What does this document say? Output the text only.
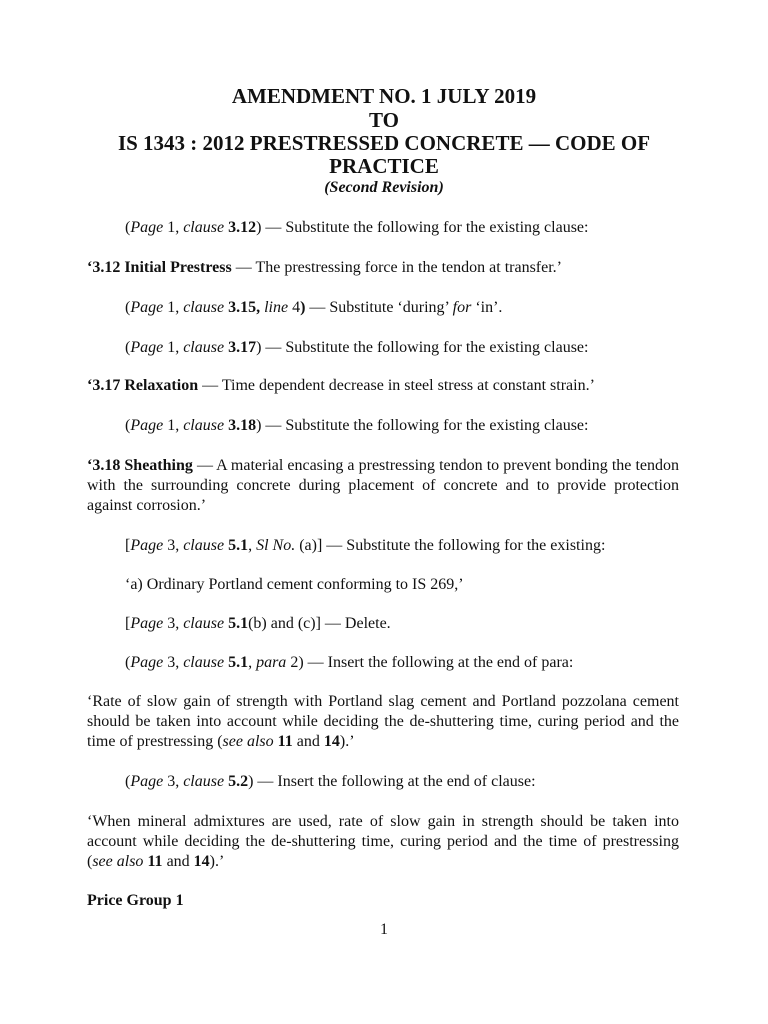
AMENDMENT NO. 1 JULY 2019
TO
IS 1343 : 2012 PRESTRESSED CONCRETE — CODE OF
PRACTICE
(Second Revision)

(Page 1, clause 3.12) — Substitute the following for the existing clause:

‘3.12 Initial Prestress — The prestressing force in the tendon at transfer.’

(Page 1, clause 3.15, line 4) — Substitute ‘during’ for ‘in’.

(Page 1, clause 3.17) — Substitute the following for the existing clause:

‘3.17 Relaxation — Time dependent decrease in steel stress at constant strain.’

(Page 1, clause 3.18) — Substitute the following for the existing clause:

‘3.18 Sheathing — A material encasing a prestressing tendon to prevent bonding the tendon with the surrounding concrete during placement of concrete and to provide protection against corrosion.’

[Page 3, clause 5.1, Sl No. (a)] — Substitute the following for the existing:

‘a) Ordinary Portland cement conforming to IS 269,’

[Page 3, clause 5.1(b) and (c)] — Delete.

(Page 3, clause 5.1, para 2) — Insert the following at the end of para:

‘Rate of slow gain of strength with Portland slag cement and Portland pozzolana cement should be taken into account while deciding the de-shuttering time, curing period and the time of prestressing (see also 11 and 14).’

(Page 3, clause 5.2) ― Insert the following at the end of clause:

‘When mineral admixtures are used, rate of slow gain in strength should be taken into account while deciding the de-shuttering time, curing period and the time of prestressing (see also 11 and 14).’

Price Group 1

1
